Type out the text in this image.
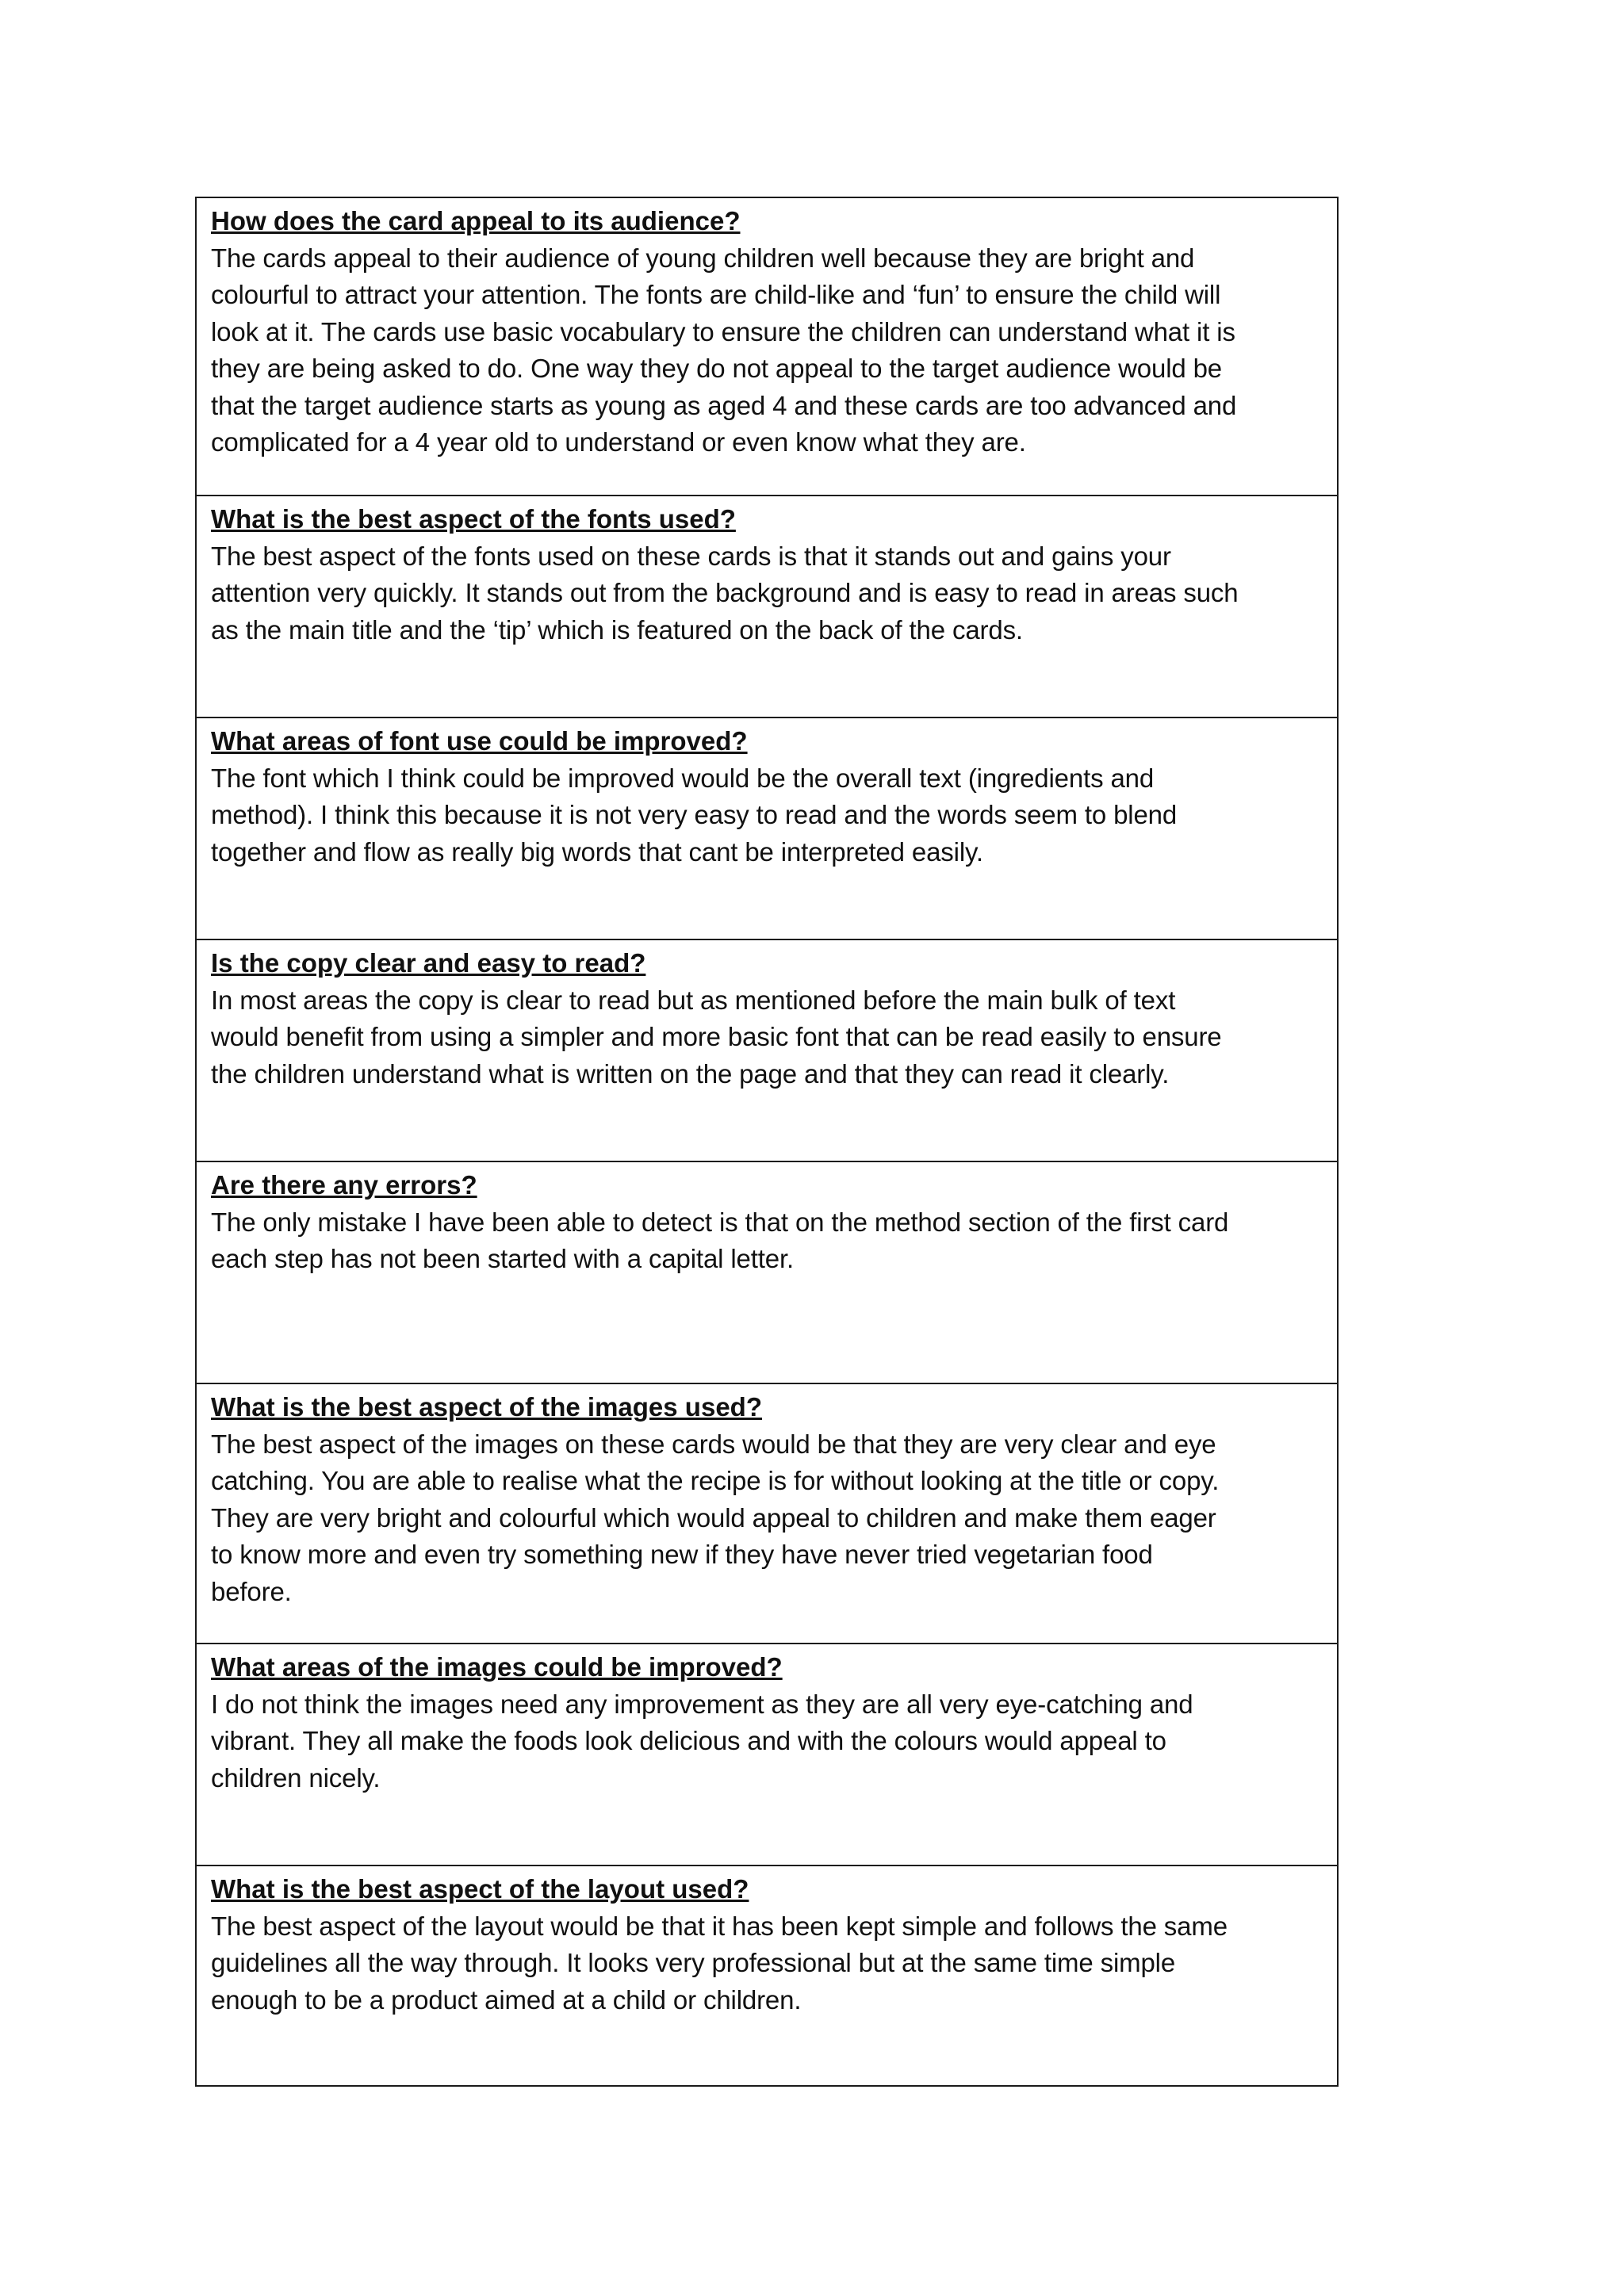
How does the card appeal to its audience?

The cards appeal to their audience of young children well because they are bright and
colourful to attract your attention. The fonts are child-like and ‘fun’ to ensure the child will
look at it. The cards use basic vocabulary to ensure the children can understand what it is
they are being asked to do. One way they do not appeal to the target audience would be
that the target audience starts as young as aged 4 and these cards are too advanced and
complicated for a 4 year old to understand or even know what they are.

What is the best aspect of the fonts used?

The best aspect of the fonts used on these cards is that it stands out and gains your
attention very quickly. It stands out from the background and is easy to read in areas such
as the main title and the ‘tip’ which is featured on the back of the cards.

What areas of font use could be improved?

The font which I think could be improved would be the overall text (ingredients and
method). I think this because it is not very easy to read and the words seem to blend
together and flow as really big words that cant be interpreted easily.

Is the copy clear and easy to read?

In most areas the copy is clear to read but as mentioned before the main bulk of text
would benefit from using a simpler and more basic font that can be read easily to ensure
the children understand what is written on the page and that they can read it clearly.

Are there any errors?

The only mistake I have been able to detect is that on the method section of the first card
each step has not been started with a capital letter.

What is the best aspect of the images used?

The best aspect of the images on these cards would be that they are very clear and eye
catching. You are able to realise what the recipe is for without looking at the title or copy.
They are very bright and colourful which would appeal to children and make them eager
to know more and even try something new if they have never tried vegetarian food
before.

What areas of the images could be improved?

I do not think the images need any improvement as they are all very eye-catching and
vibrant. They all make the foods look delicious and with the colours would appeal to
children nicely.

What is the best aspect of the layout used?

The best aspect of the layout would be that it has been kept simple and follows the same
guidelines all the way through. It looks very professional but at the same time simple
enough to be a product aimed at a child or children.
